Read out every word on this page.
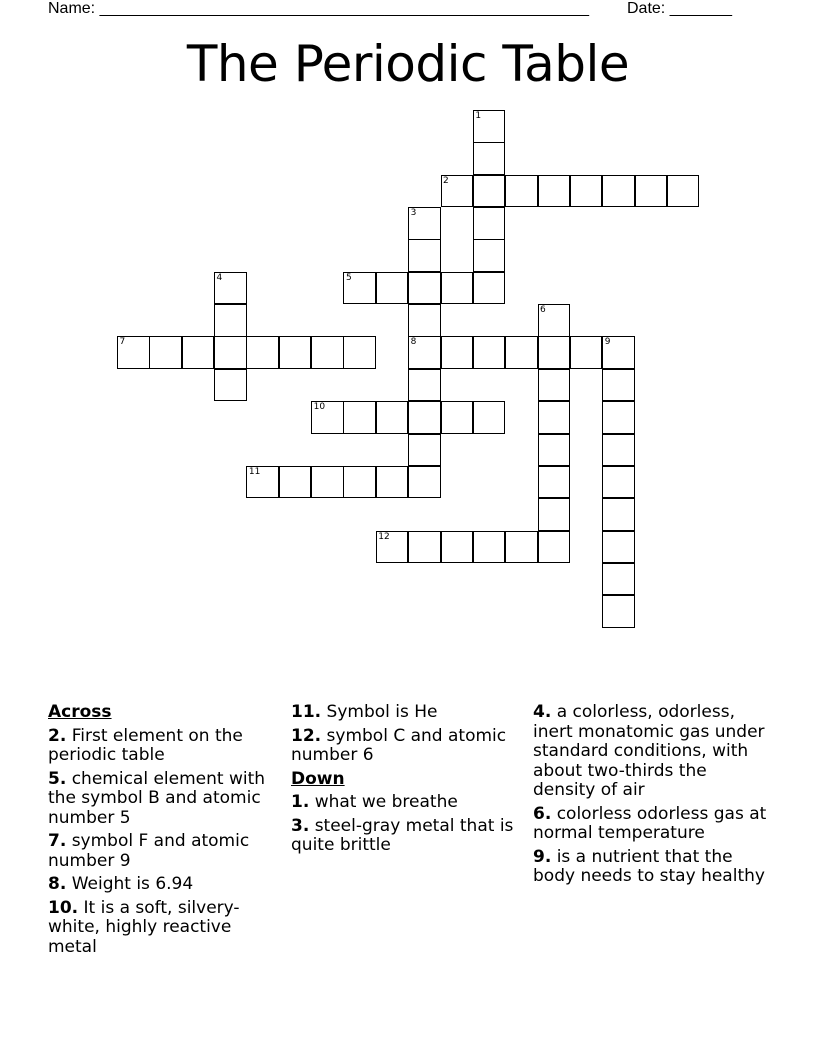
Name: _______________________________________________________ Date: _______
The Periodic Table
1
2
3
8
4	5
6
7	9
10
11
12
Across
2. First element on the periodic table
5. chemical element with the symbol B and atomic number 5
7. symbol F and atomic number 9
8. Weight is 6.94
10. It is a soft, silvery-white, highly reactive metal
11. Symbol is He
12. symbol C and atomic number 6
Down
1. what we breathe
3. steel-gray metal that is quite brittle
4. a colorless, odorless, inert monatomic gas under standard conditions, with about two-thirds the density of air
6. colorless odorless gas at normal temperature
9. is a nutrient that the body needs to stay healthy
